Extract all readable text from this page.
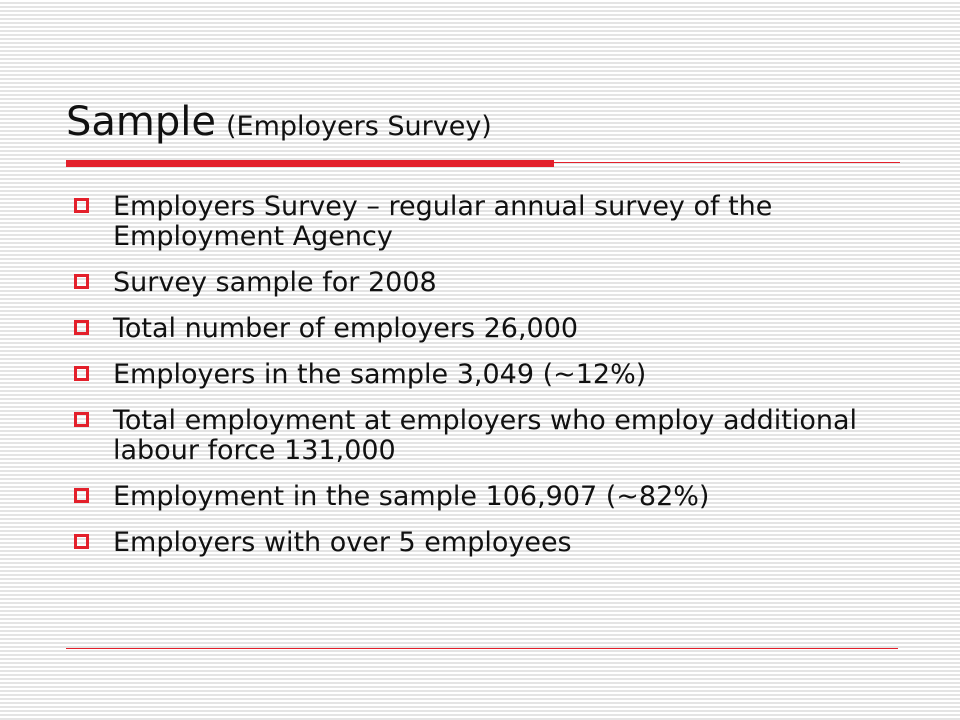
Sample (Employers Survey)
Employers Survey – regular annual survey of the Employment Agency
Survey sample for 2008
Total number of employers 26,000
Employers in the sample 3,049 (~12%)
Total employment at employers who employ additional labour force 131,000
Employment in the sample 106,907 (~82%)
Employers with over 5 employees
